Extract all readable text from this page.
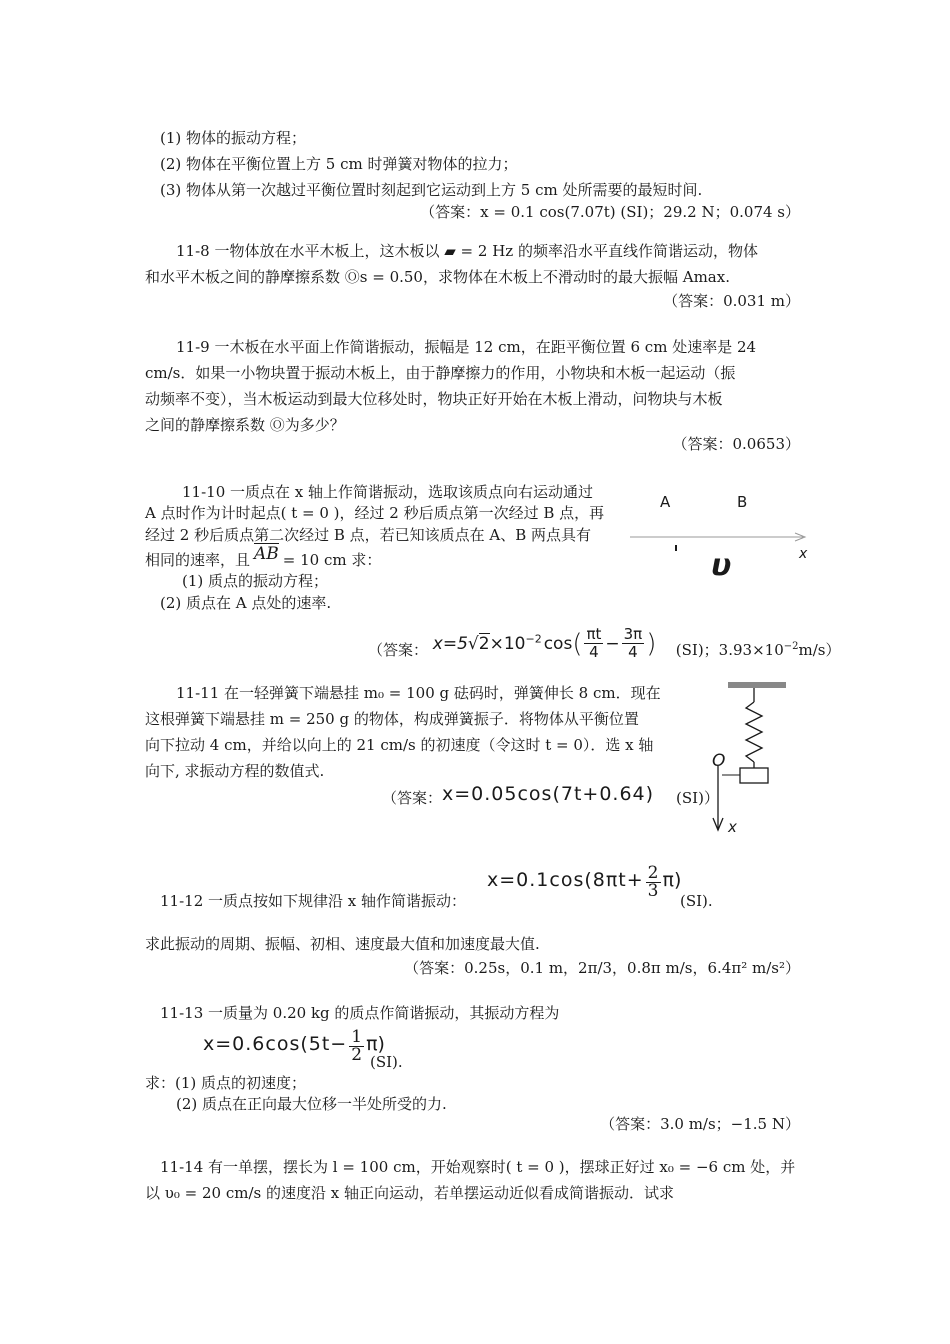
(1) 物体的振动方程；
(2) 物体在平衡位置上方 5 cm 时弹簧对物体的拉力；
(3) 物体从第一次越过平衡位置时刻起到它运动到上方 5 cm 处所需要的最短时间.
（答案：x = 0.1 cos(7.07t) (SI)；29.2 N；0.074 s）
11-8 一物体放在水平木板上，这木板以 ▰ = 2 Hz 的频率沿水平直线作简谐运动，物体
和水平木板之间的静摩擦系数 Ⓞs = 0.50，求物体在木板上不滑动时的最大振幅 Amax.
（答案：0.031 m）
11-9 一木板在水平面上作简谐振动，振幅是 12 cm，在距平衡位置 6 cm 处速率是 24
cm/s．如果一小物块置于振动木板上，由于静摩擦力的作用，小物块和木板一起运动（振
动频率不变），当木板运动到最大位移处时，物块正好开始在木板上滑动，问物块与木板
之间的静摩擦系数 Ⓞ为多少？
（答案：0.0653）
11-10 一质点在 x 轴上作简谐振动，选取该质点向右运动通过
A 点时作为计时起点( t = 0 )，经过 2 秒后质点第一次经过 B 点，再
经过 2 秒后质点第二次经过 B 点，若已知该质点在 A、B 两点具有
相同的速率，且 AB = 10 cm 求：
(1) 质点的振动方程；
(2) 质点在 A 点处的速率.
（答案： $x=5√2\times 10^{-2}$ $\cos( \frac{\pi t}{4} - \frac{3\pi}{4}$ ) (SI)；$3.93\times 10^{-2}m/s$）
A	B
x
υ
11-11 在一轻弹簧下端悬挂 m₀ = 100 g 砝码时，弹簧伸长 8 cm．现在
这根弹簧下端悬挂 m = 250 g 的物体，构成弹簧振子．将物体从平衡位置
向下拉动 4 cm，并给以向上的 21 cm/s 的初速度（令这时 t = 0）．选 x 轴
向下, 求振动方程的数值式.
（答案：x=0.05cos(7t+0.64) (SI)）
O
x
$x=0.1\cos(8\pi t+ \frac{2}{3} \pi)$
11-12 一质点按如下规律沿 x 轴作简谐振动：	(SI).
求此振动的周期、振幅、初相、速度最大值和加速度最大值.
（答案：0.25s，0.1 m，2π/3，0.8π m/s，6.4π² m/s²）
11-13 一质量为 0.20 kg 的质点作简谐振动，其振动方程为
$x=0.6\cos(5t- \frac{1}{2} \pi)$
(SI).
求：(1) 质点的初速度；
(2) 质点在正向最大位移一半处所受的力.
（答案：3.0 m/s；−1.5 N）
11-14 有一单摆，摆长为 l = 100 cm，开始观察时( t = 0 )，摆球正好过 x₀ = −6 cm 处，并
以 υ₀ = 20 cm/s 的速度沿 x 轴正向运动，若单摆运动近似看成简谐振动．试求
